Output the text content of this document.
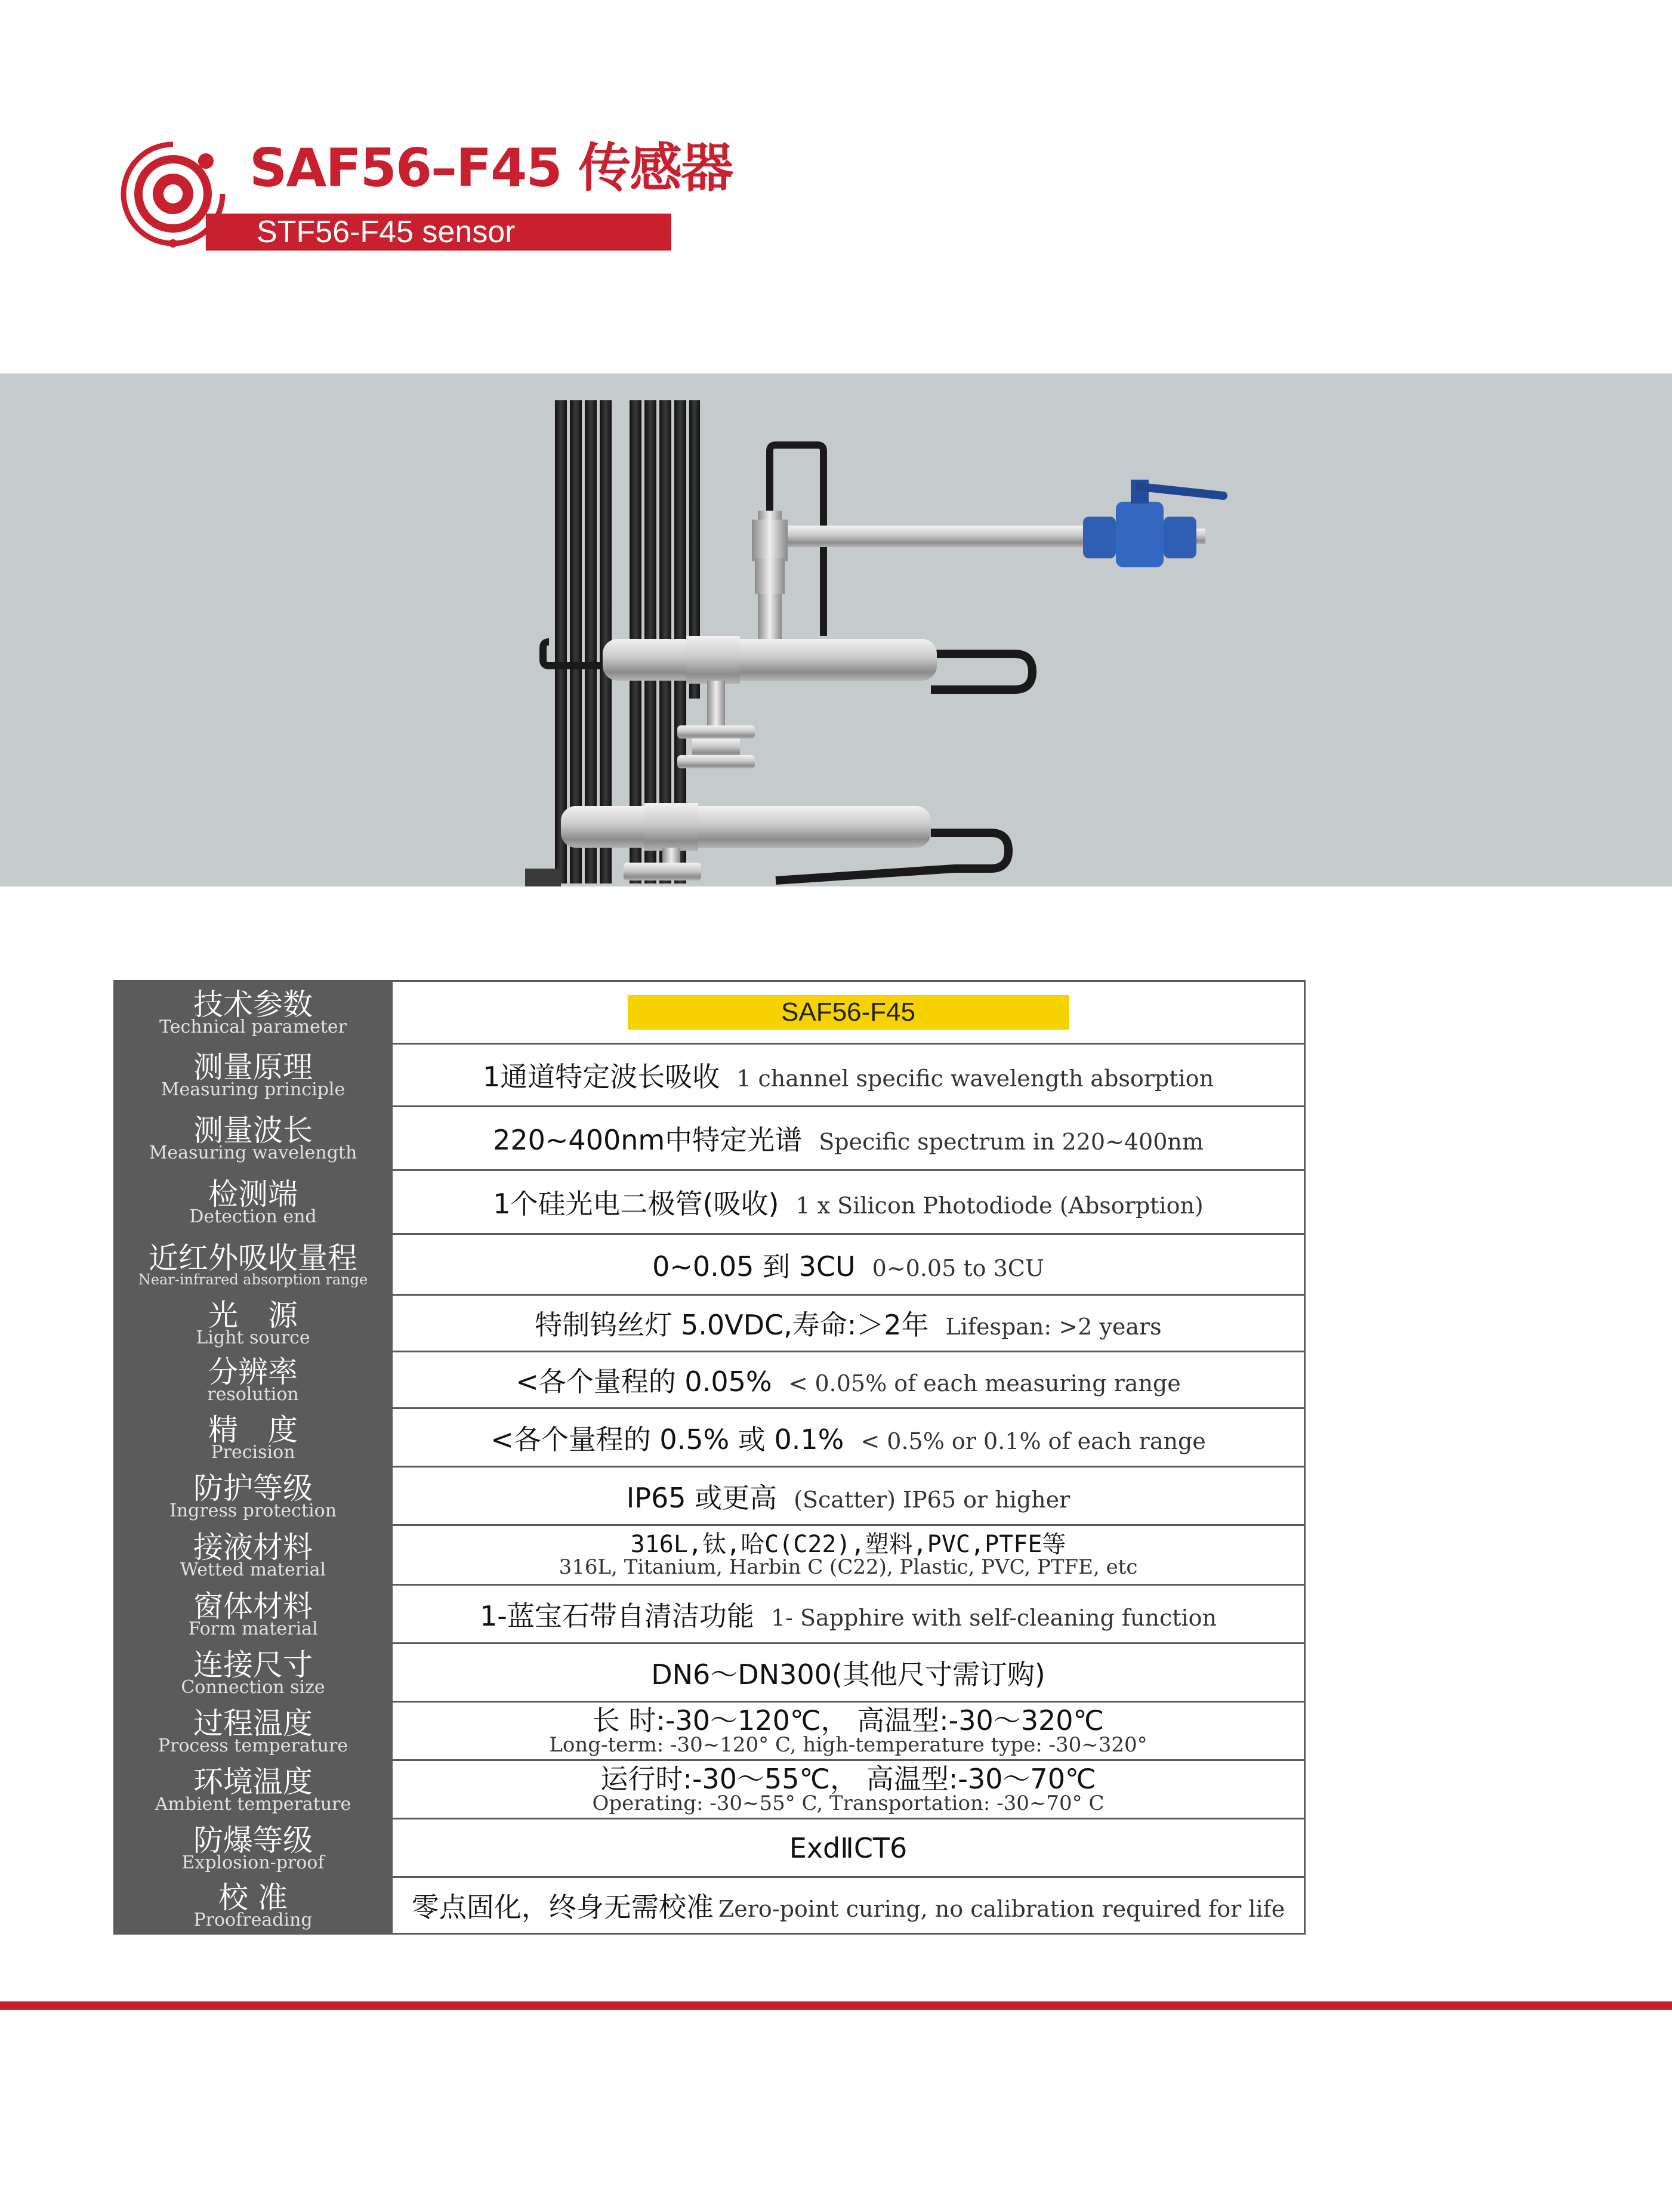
SAF56–F45 传感器
STF56-F45 sensor
技术参数
Technical parameter	SAF56-F45

测量原理
Measuring principle	1通道特定波长吸收 1 channel specific wavelength absorption

测量波长
Measuring wavelength	220~400nm中特定光谱 Specific spectrum in 220~400nm

检测端
Detection end	1个硅光电二极管(吸收) 1 x Silicon Photodiode (Absorption)

近红外吸收量程
Near-infrared absorption range	0~0.05 到 3CU 0~0.05 to 3CU

光　源
Light source	特制钨丝灯 5.0VDC,寿命:＞2年 Lifespan: >2 years

分辨率
resolution	<各个量程的 0.05% < 0.05% of each measuring range

精　度
Precision	<各个量程的 0.5% 或 0.1% < 0.5% or 0.1% of each range

防护等级
Ingress protection	IP65 或更高 (Scatter) IP65 or higher

接液材料
Wetted material	316L,钛,哈C(C22),塑料,PVC,PTFE等
316L, Titanium, Harbin C (C22), Plastic, PVC, PTFE, etc

窗体材料
Form material	1-蓝宝石带自清洁功能 1- Sapphire with self-cleaning function

连接尺寸
Connection size	DN6～DN300(其他尺寸需订购)

过程温度
Process temperature	长 时:-30～120℃， 高温型:-30～320℃
Long-term: -30~120° C, high-temperature type: -30~320°

环境温度
Ambient temperature	运行时:-30～55℃， 高温型:-30～70℃
Operating: -30~55° C, Transportation: -30~70° C

防爆等级
Explosion-proof	ExdⅡCT6

校 准
Proofreading	零点固化，终身无需校准 Zero-point curing, no calibration required for life
